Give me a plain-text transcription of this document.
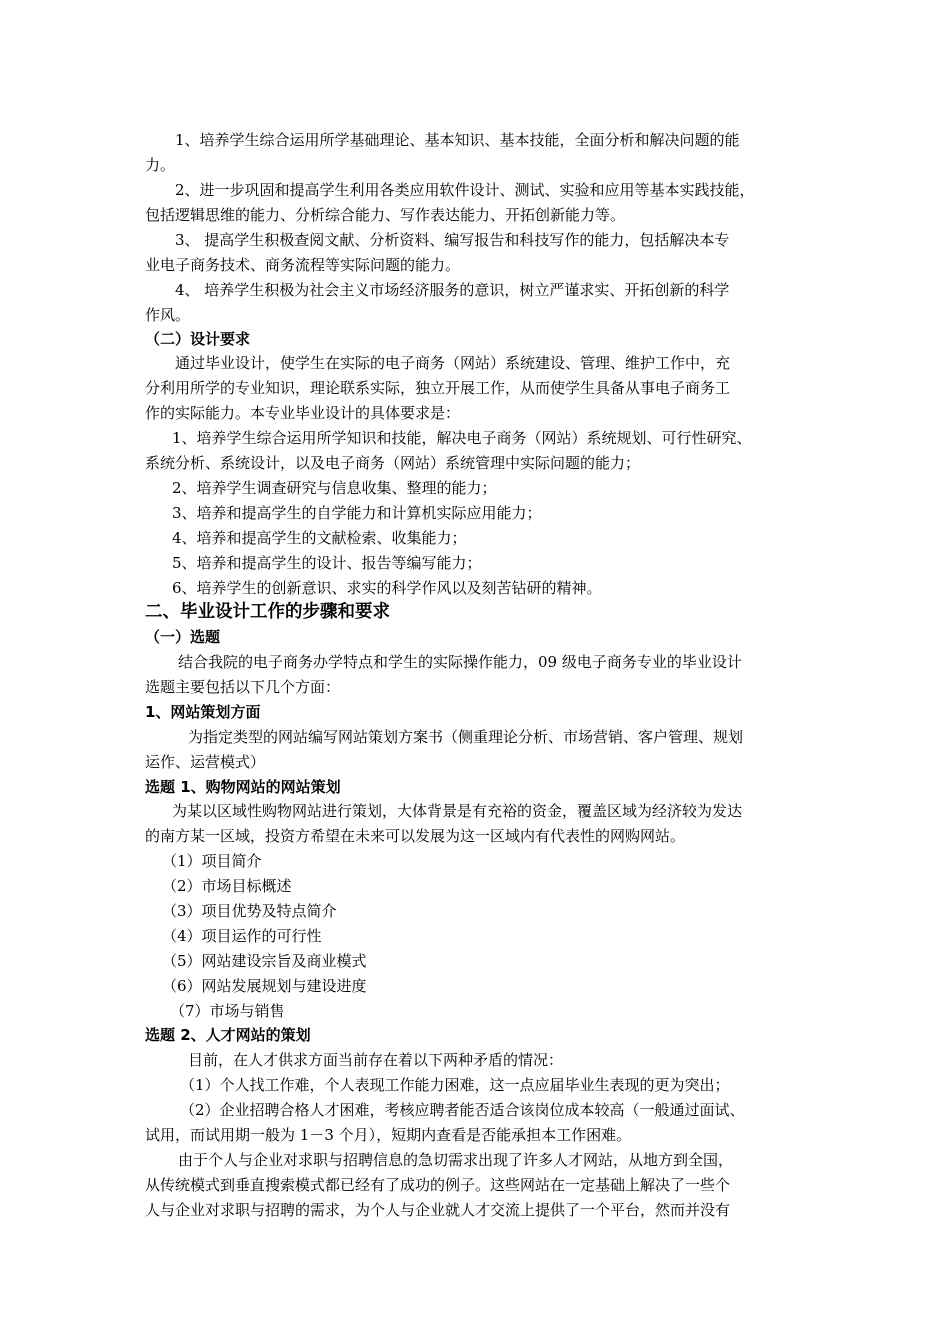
1、培养学生综合运用所学基础理论、基本知识、基本技能，全面分析和解决问题的能
力。
2、进一步巩固和提高学生利用各类应用软件设计、测试、实验和应用等基本实践技能，
包括逻辑思维的能力、分析综合能力、写作表达能力、开拓创新能力等。
3、 提高学生积极查阅文献、分析资料、编写报告和科技写作的能力，包括解决本专
业电子商务技术、商务流程等实际问题的能力。
4、 培养学生积极为社会主义市场经济服务的意识，树立严谨求实、开拓创新的科学
作风。
（二）设计要求
通过毕业设计，使学生在实际的电子商务（网站）系统建设、管理、维护工作中，充
分利用所学的专业知识，理论联系实际，独立开展工作，从而使学生具备从事电子商务工
作的实际能力。本专业毕业设计的具体要求是：
1、培养学生综合运用所学知识和技能，解决电子商务（网站）系统规划、可行性研究、
系统分析、系统设计，以及电子商务（网站）系统管理中实际问题的能力；
2、培养学生调查研究与信息收集、整理的能力；
3、培养和提高学生的自学能力和计算机实际应用能力；
4、培养和提高学生的文献检索、收集能力；
5、培养和提高学生的设计、报告等编写能力；
6、培养学生的创新意识、求实的科学作风以及刻苦钻研的精神。
二、毕业设计工作的步骤和要求
（一）选题
结合我院的电子商务办学特点和学生的实际操作能力，09 级电子商务专业的毕业设计
选题主要包括以下几个方面：
1、网站策划方面
为指定类型的网站编写网站策划方案书（侧重理论分析、市场营销、客户管理、规划
运作、运营模式）
选题 1、购物网站的网站策划
为某以区域性购物网站进行策划，大体背景是有充裕的资金，覆盖区域为经济较为发达
的南方某一区域，投资方希望在未来可以发展为这一区域内有代表性的网购网站。
（1）项目简介
（2）市场目标概述
（3）项目优势及特点简介
（4）项目运作的可行性
（5）网站建设宗旨及商业模式
（6）网站发展规划与建设进度
（7）市场与销售
选题 2、人才网站的策划
目前，在人才供求方面当前存在着以下两种矛盾的情况：
（1）个人找工作难，个人表现工作能力困难，这一点应届毕业生表现的更为突出；
（2）企业招聘合格人才困难，考核应聘者能否适合该岗位成本较高（一般通过面试、
试用，而试用期一般为 1－3 个月），短期内查看是否能承担本工作困难。
由于个人与企业对求职与招聘信息的急切需求出现了许多人才网站，从地方到全国，
从传统模式到垂直搜索模式都已经有了成功的例子。这些网站在一定基础上解决了一些个
人与企业对求职与招聘的需求，为个人与企业就人才交流上提供了一个平台，然而并没有
